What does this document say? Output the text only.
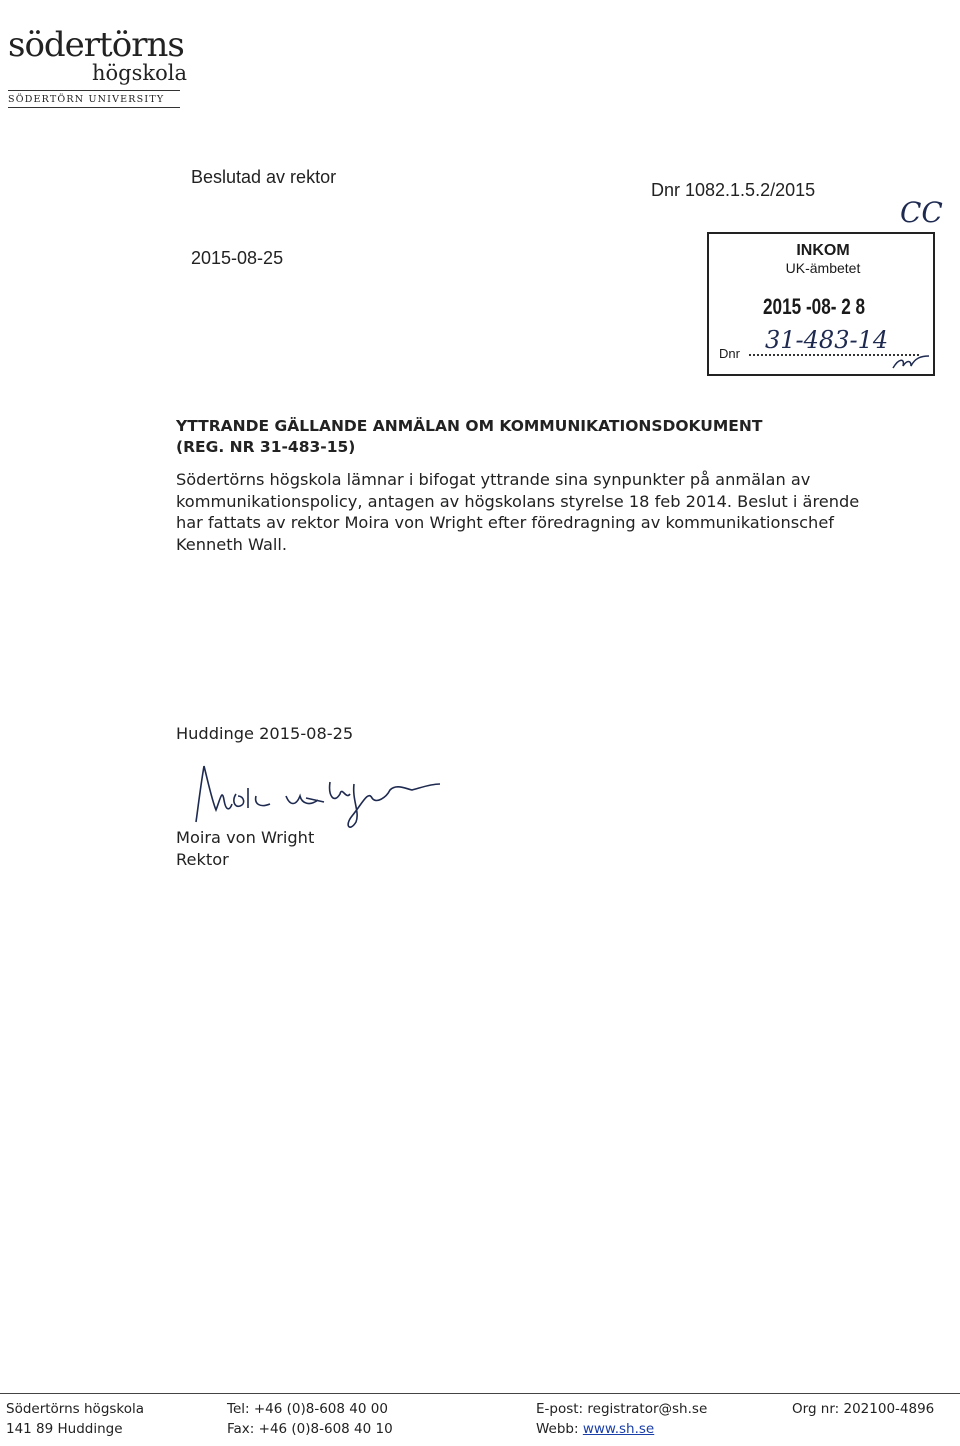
södertörns
högskola
SÖDERTÖRN UNIVERSITY
Beslutad av rektor
2015-08-25
Dnr 1082.1.5.2/2015
CC
INKOM
UK-ämbetet
2015 -08- 2 8
Dnr 31-483-14
YTTRANDE GÄLLANDE ANMÄLAN OM KOMMUNIKATIONSDOKUMENT
(REG. NR 31-483-15)
Södertörns högskola lämnar i bifogat yttrande sina synpunkter på anmälan av
kommunikationspolicy, antagen av högskolans styrelse 18 feb 2014. Beslut i ärende
har fattats av rektor Moira von Wright efter föredragning av kommunikationschef
Kenneth Wall.
Huddinge 2015-08-25
Moira von Wright
Rektor
Södertörns högskola
141 89 Huddinge
Tel: +46 (0)8-608 40 00
Fax: +46 (0)8-608 40 10
E-post: registrator@sh.se
Webb: www.sh.se
Org nr: 202100-4896
